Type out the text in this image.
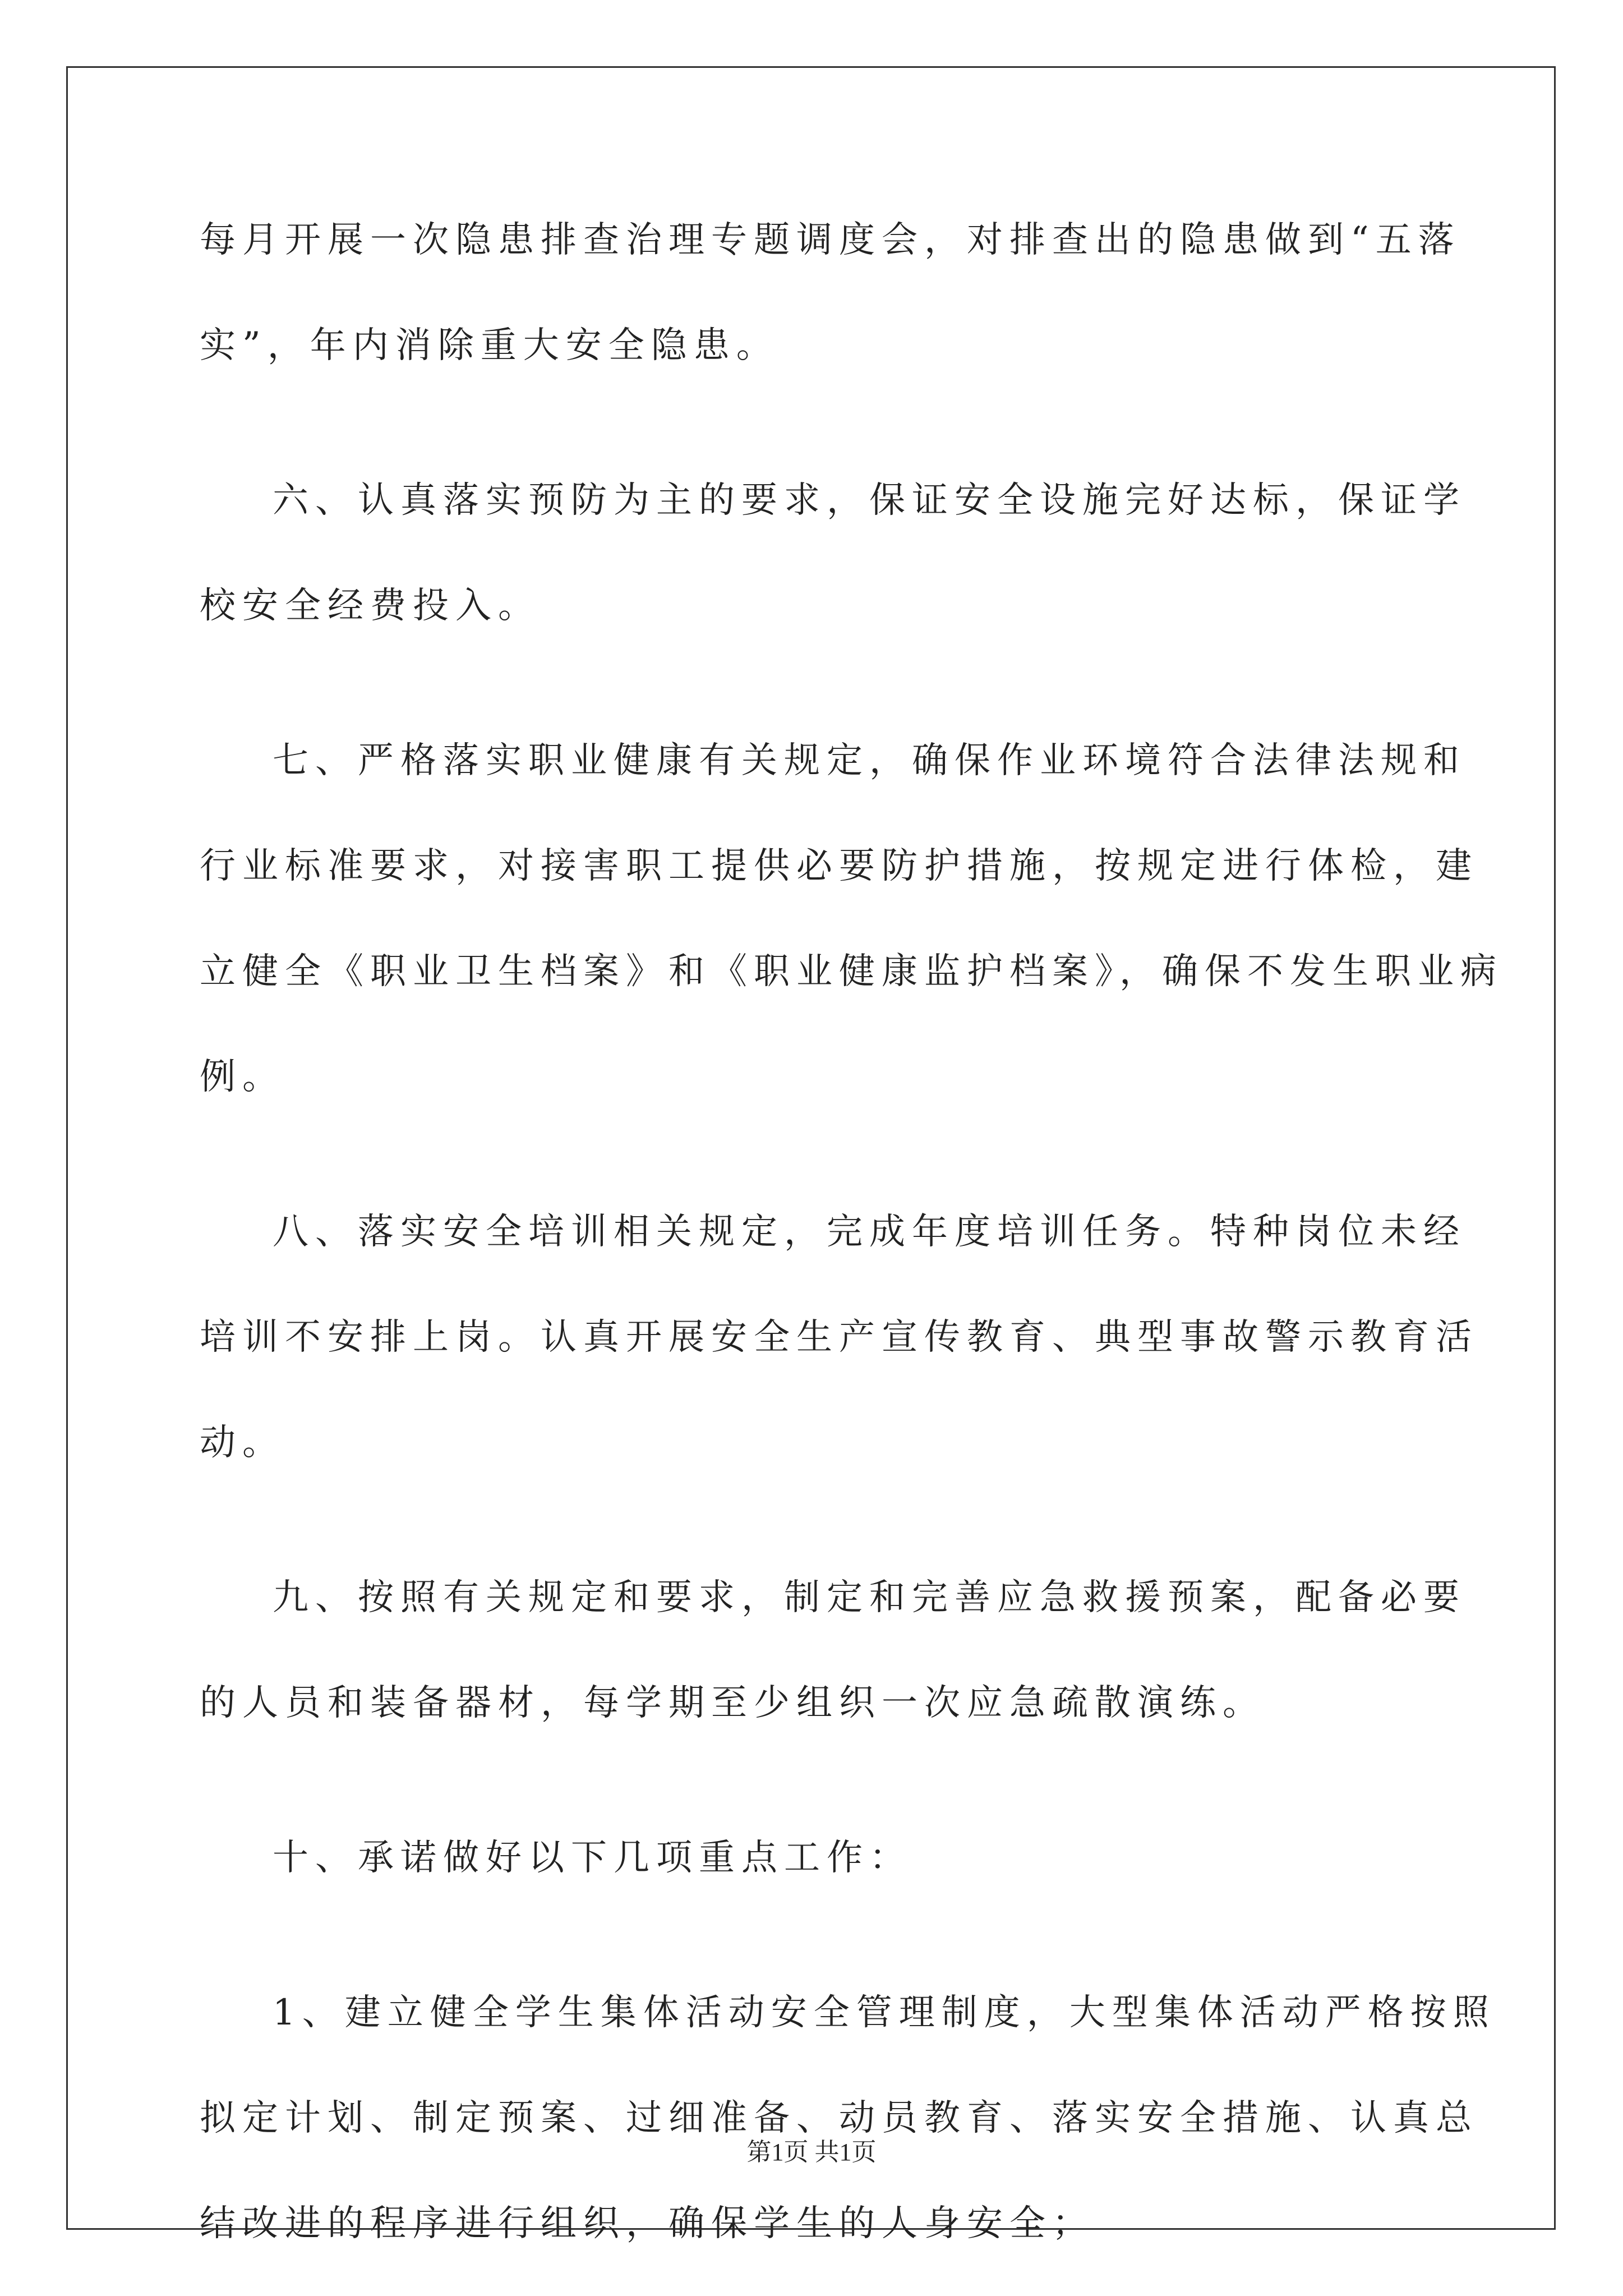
每月开展一次隐患排查治理专题调度会，对排查出的隐患做到“五落
实”，年内消除重大安全隐患。
六、认真落实预防为主的要求，保证安全设施完好达标，保证学
校安全经费投入。
七、严格落实职业健康有关规定，确保作业环境符合法律法规和
行业标准要求，对接害职工提供必要防护措施，按规定进行体检，建
立健全《职业卫生档案》和《职业健康监护档案》，确保不发生职业病
例。
八、落实安全培训相关规定，完成年度培训任务。特种岗位未经
培训不安排上岗。认真开展安全生产宣传教育、典型事故警示教育活
动。
九、按照有关规定和要求，制定和完善应急救援预案，配备必要
的人员和装备器材，每学期至少组织一次应急疏散演练。
十、承诺做好以下几项重点工作：
1、建立健全学生集体活动安全管理制度，大型集体活动严格按照
拟定计划、制定预案、过细准备、动员教育、落实安全措施、认真总
结改进的程序进行组织，确保学生的人身安全；
第1页 共1页
